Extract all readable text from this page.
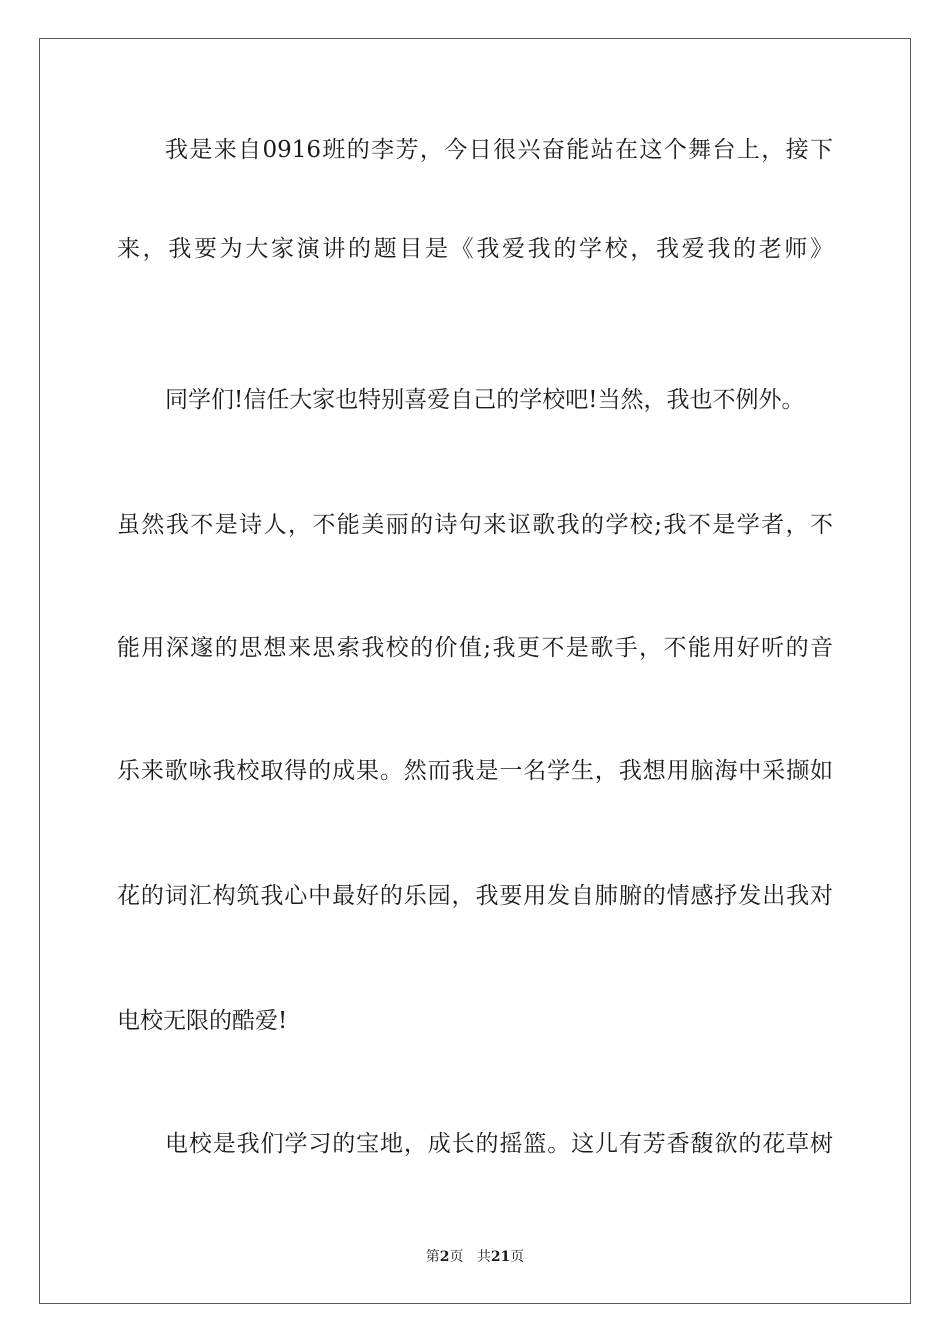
我是来自0916班的李芳，今日很兴奋能站在这个舞台上，接下
来，我要为大家演讲的题目是《我爱我的学校，我爱我的老师》
同学们!信任大家也特别喜爱自己的学校吧!当然，我也不例外。
虽然我不是诗人，不能美丽的诗句来讴歌我的学校;我不是学者，不
能用深邃的思想来思索我校的价值;我更不是歌手，不能用好听的音
乐来歌咏我校取得的成果。然而我是一名学生，我想用脑海中采撷如
花的词汇构筑我心中最好的乐园，我要用发自肺腑的情感抒发出我对
电校无限的酷爱!
电校是我们学习的宝地，成长的摇篮。这儿有芳香馥欲的花草树
第2页 共21页
